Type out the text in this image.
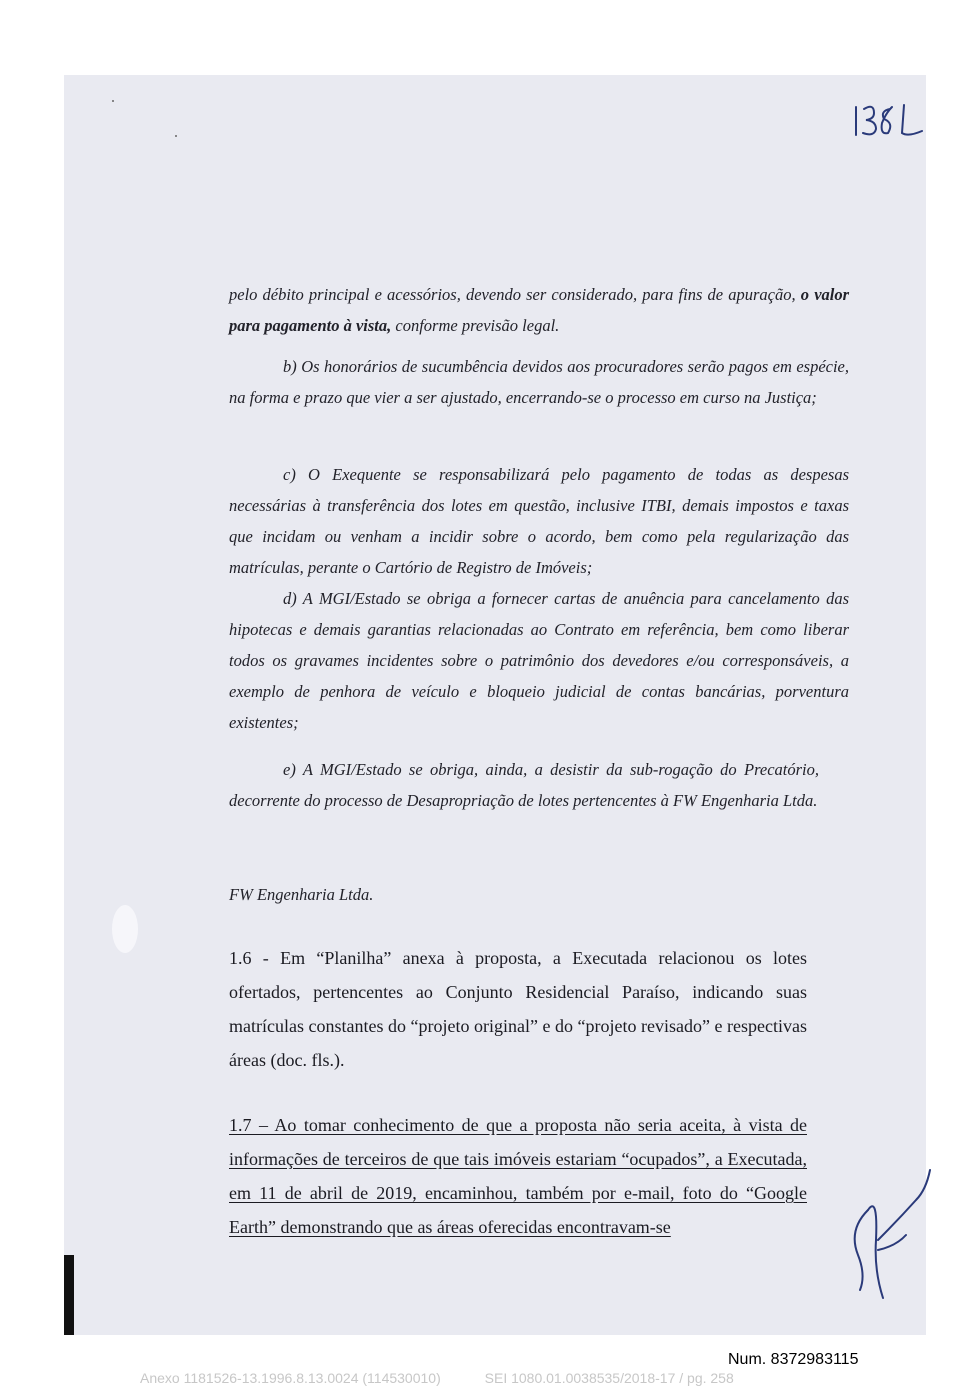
pelo débito principal e acessórios, devendo ser considerado, para fins de apuração, o valor para pagamento à vista, conforme previsão legal.

b) Os honorários de sucumbência devidos aos procuradores serão pagos em espécie, na forma e prazo que vier a ser ajustado, encerrando-se o processo em curso na Justiça;

c) O Exequente se responsabilizará pelo pagamento de todas as despesas necessárias à transferência dos lotes em questão, inclusive ITBI, demais impostos e taxas que incidam ou venham a incidir sobre o acordo, bem como pela regularização das matrículas, perante o Cartório de Registro de Imóveis;

d) A MGI/Estado se obriga a fornecer cartas de anuência para cancelamento das hipotecas e demais garantias relacionadas ao Contrato em referência, bem como liberar todos os gravames incidentes sobre o patrimônio dos devedores e/ou corresponsáveis, a exemplo de penhora de veículo e bloqueio judicial de contas bancárias, porventura existentes;

e) A MGI/Estado se obriga, ainda, a desistir da sub-rogação do Precatório, decorrente do processo de Desapropriação de lotes pertencentes à FW Engenharia Ltda.

FW Engenharia Ltda.

1.6 - Em “Planilha” anexa à proposta, a Executada relacionou os lotes ofertados, pertencentes ao Conjunto Residencial Paraíso, indicando suas matrículas constantes do “projeto original” e do “projeto revisado” e respectivas áreas (doc. fls.).

1.7 – Ao tomar conhecimento de que a proposta não seria aceita, à vista de informações de terceiros de que tais imóveis estariam “ocupados”, a Executada, em 11 de abril de 2019, encaminhou, também por e-mail, foto do “Google Earth” demonstrando que as áreas oferecidas encontravam-se

Num. 8372983115
Anexo 1181526-13.1996.8.13.0024 (114530010)	SEI 1080.01.0038535/2018-17 / pg. 258
